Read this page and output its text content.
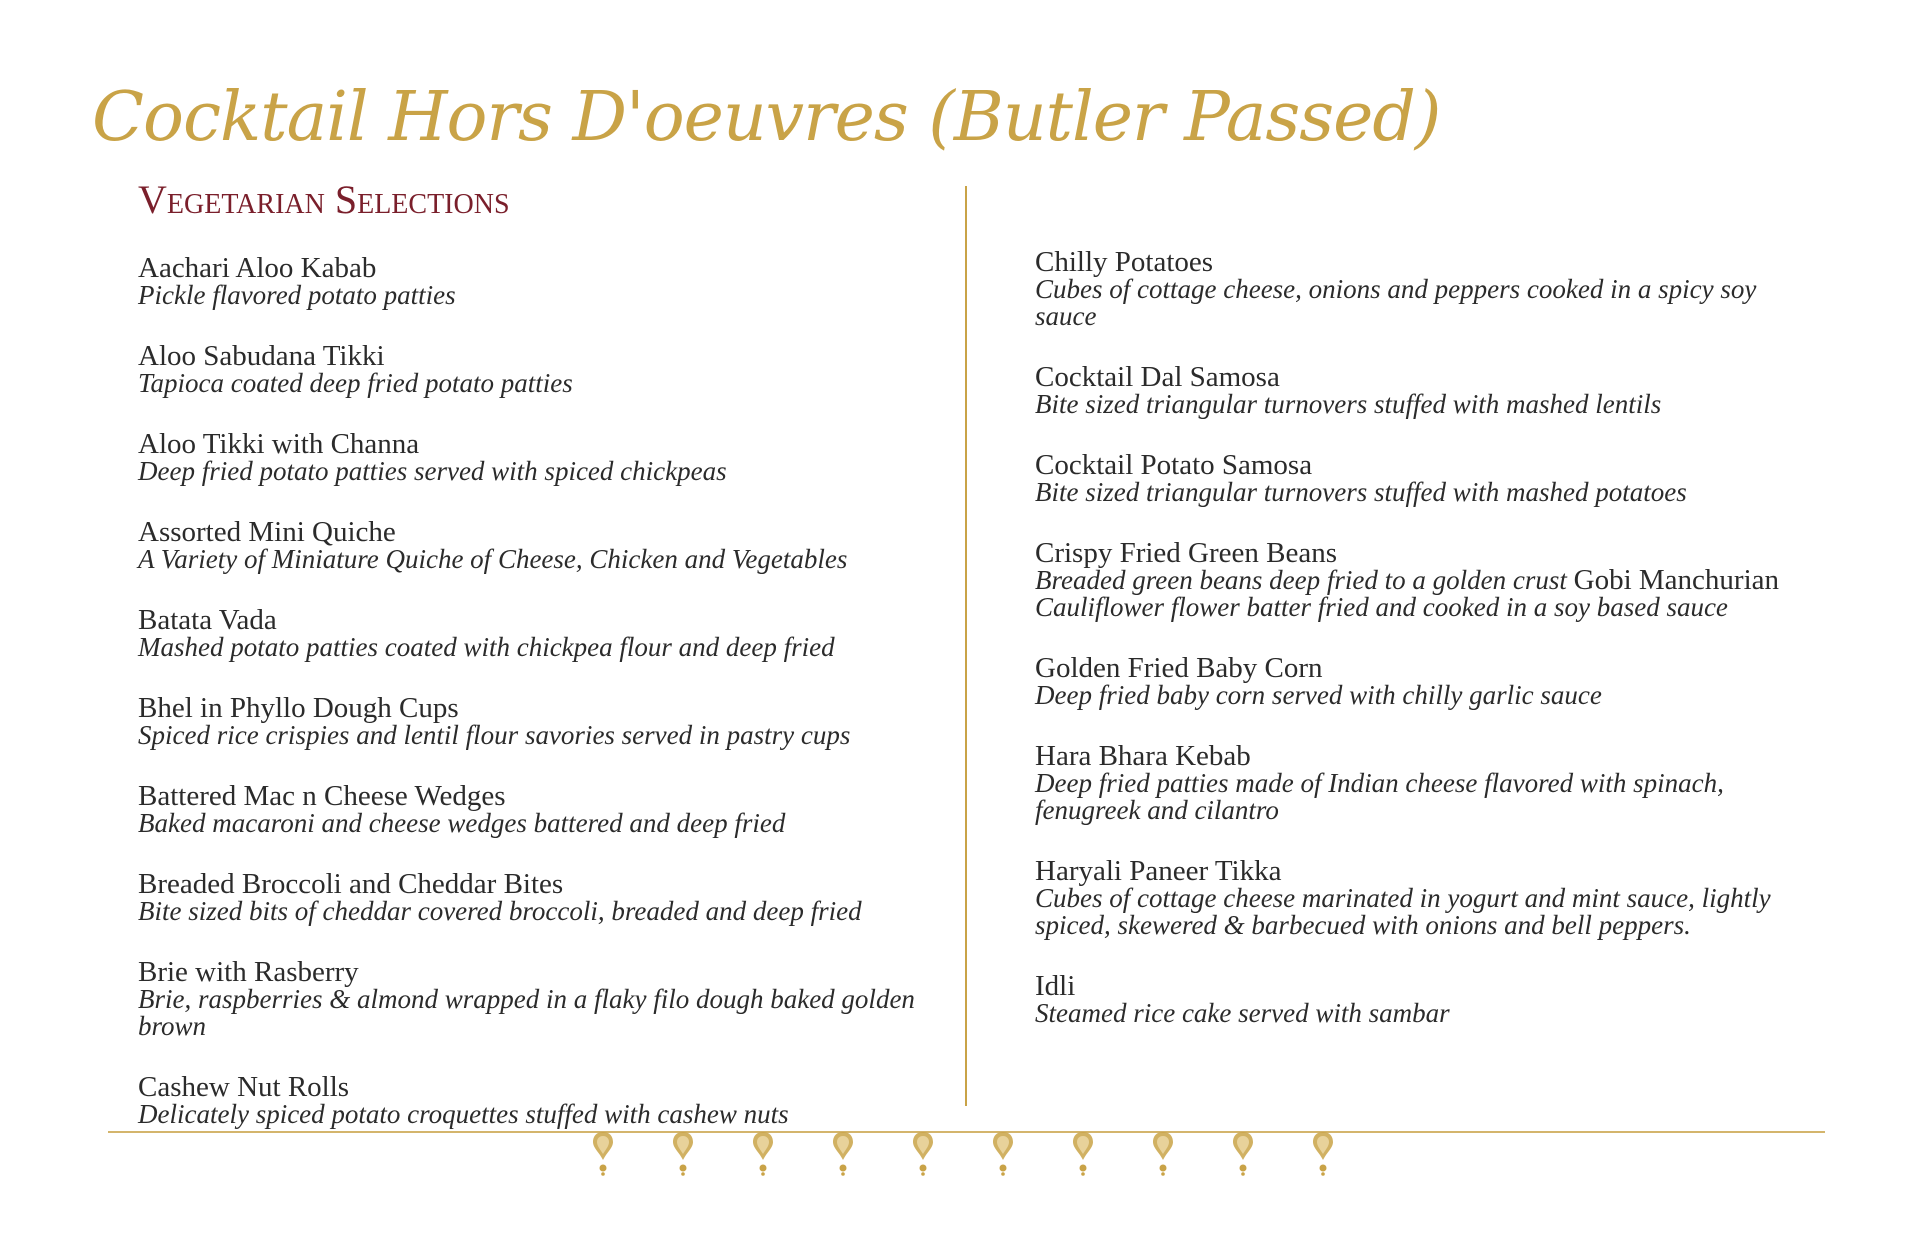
Cocktail Hors D'oeuvres (Butler Passed)
Vegetarian Selections
Aachari Aloo Kabab
Pickle flavored potato patties
Aloo Sabudana Tikki
Tapioca coated deep fried potato patties
Aloo Tikki with Channa
Deep fried potato patties served with spiced chickpeas
Assorted Mini Quiche
A Variety of Miniature Quiche of Cheese, Chicken and Vegetables
Batata Vada
Mashed potato patties coated with chickpea flour and deep fried
Bhel in Phyllo Dough Cups
Spiced rice crispies and lentil flour savories served in pastry cups
Battered Mac n Cheese Wedges
Baked macaroni and cheese wedges battered and deep fried
Breaded Broccoli and Cheddar Bites
Bite sized bits of cheddar covered broccoli, breaded and deep fried
Brie with Rasberry
Brie, raspberries & almond wrapped in a flaky filo dough baked golden brown
Cashew Nut Rolls
Delicately spiced potato croquettes stuffed with cashew nuts
Chilly Potatoes
Cubes of cottage cheese, onions and peppers cooked in a spicy soy sauce
Cocktail Dal Samosa
Bite sized triangular turnovers stuffed with mashed lentils
Cocktail Potato Samosa
Bite sized triangular turnovers stuffed with mashed potatoes
Crispy Fried Green Beans
Breaded green beans deep fried to a golden crust Gobi Manchurian
Cauliflower flower batter fried and cooked in a soy based sauce
Golden Fried Baby Corn
Deep fried baby corn served with chilly garlic sauce
Hara Bhara Kebab
Deep fried patties made of Indian cheese flavored with spinach, fenugreek and cilantro
Haryali Paneer Tikka
Cubes of cottage cheese marinated in yogurt and mint sauce, lightly spiced, skewered & barbecued with onions and bell peppers.
Idli
Steamed rice cake served with sambar
